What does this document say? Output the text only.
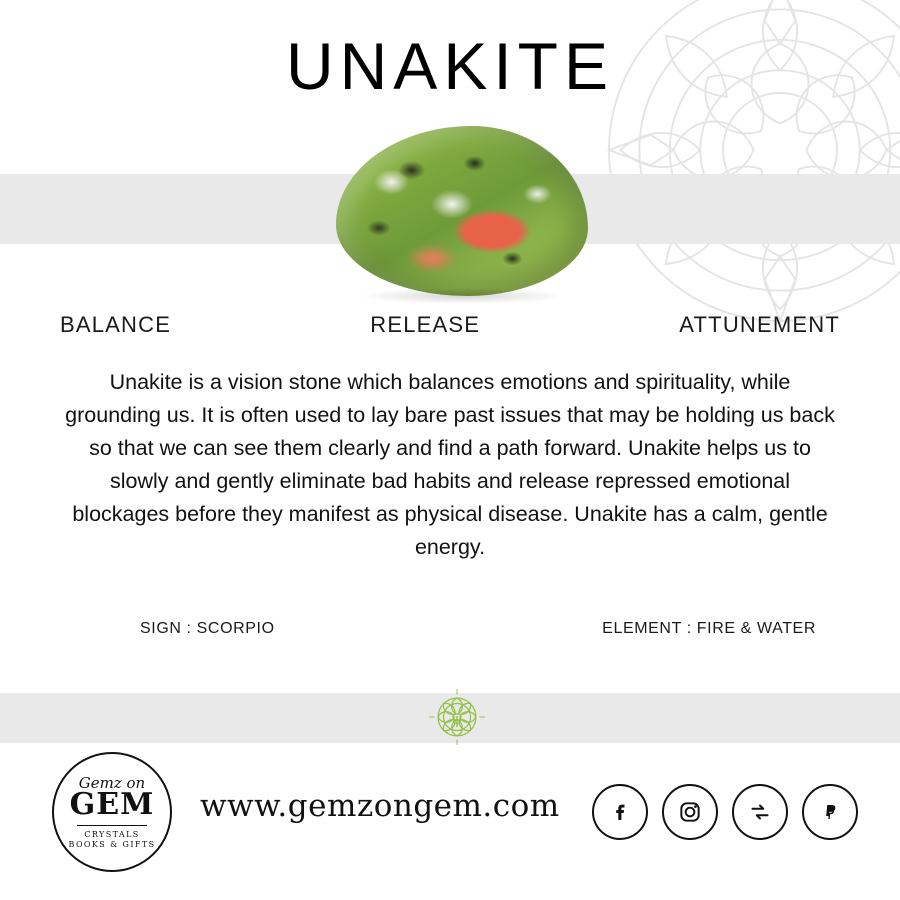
UNAKITE
BALANCE	RELEASE	ATTUNEMENT
Unakite is a vision stone which balances emotions and spirituality, while grounding us. It is often used to lay bare past issues that may be holding us back so that we can see them clearly and find a path forward. Unakite helps us to slowly and gently eliminate bad habits and release repressed emotional blockages before they manifest as physical disease. Unakite has a calm, gentle energy.
SIGN : SCORPIO	ELEMENT : FIRE & WATER
ψ
Gemz on
GEM
CRYSTALS
BOOKS & GIFTS
www.gemzongem.com
